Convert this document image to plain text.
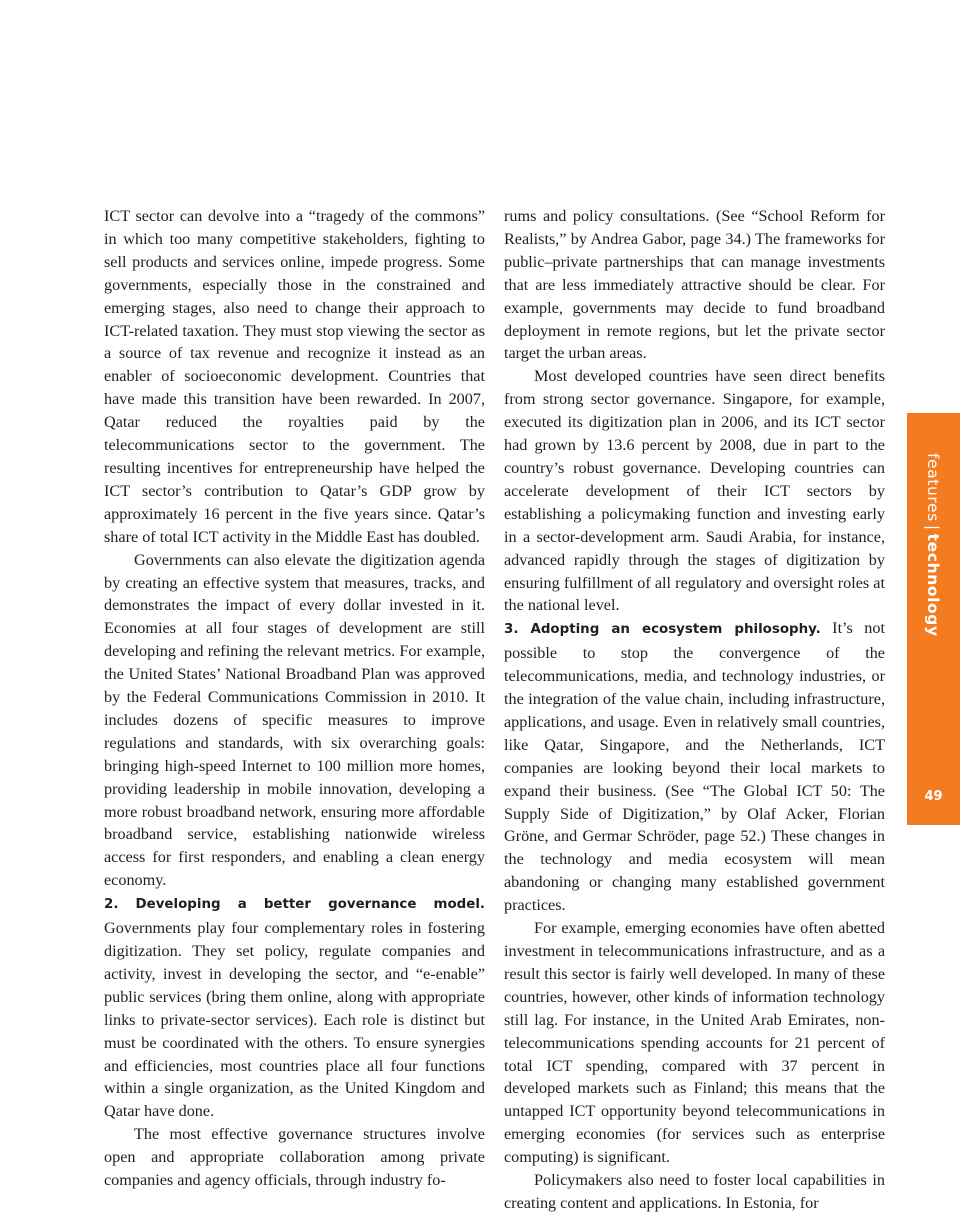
ICT sector can devolve into a “tragedy of the commons” in which too many competitive stakeholders, fighting to sell products and services online, impede progress. Some governments, especially those in the constrained and emerging stages, also need to change their approach to ICT-related taxation. They must stop viewing the sector as a source of tax revenue and recognize it instead as an enabler of socioeconomic development. Countries that have made this transition have been rewarded. In 2007, Qatar reduced the royalties paid by the telecommunications sector to the government. The resulting incentives for entrepreneurship have helped the ICT sector’s contribution to Qatar’s GDP grow by approximately 16 percent in the five years since. Qatar’s share of total ICT activity in the Middle East has doubled.

Governments can also elevate the digitization agenda by creating an effective system that measures, tracks, and demonstrates the impact of every dollar invested in it. Economies at all four stages of development are still developing and refining the relevant metrics. For example, the United States’ National Broadband Plan was approved by the Federal Communications Commission in 2010. It includes dozens of specific measures to improve regulations and standards, with six overarching goals: bringing high-speed Internet to 100 million more homes, providing leadership in mobile innovation, developing a more robust broadband network, ensuring more affordable broadband service, establishing nationwide wireless access for first responders, and enabling a clean energy economy.

2. Developing a better governance model. Governments play four complementary roles in fostering digitization. They set policy, regulate companies and activity, invest in developing the sector, and “e-enable” public services (bring them online, along with appropriate links to private-sector services). Each role is distinct but must be coordinated with the others. To ensure synergies and efficiencies, most countries place all four functions within a single organization, as the United Kingdom and Qatar have done.

The most effective governance structures involve open and appropriate collaboration among private companies and agency officials, through industry fo-

rums and policy consultations. (See “School Reform for Realists,” by Andrea Gabor, page 34.) The frameworks for public–private partnerships that can manage investments that are less immediately attractive should be clear. For example, governments may decide to fund broadband deployment in remote regions, but let the private sector target the urban areas.

Most developed countries have seen direct benefits from strong sector governance. Singapore, for example, executed its digitization plan in 2006, and its ICT sector had grown by 13.6 percent by 2008, due in part to the country’s robust governance. Developing countries can accelerate development of their ICT sectors by establishing a policymaking function and investing early in a sector-development arm. Saudi Arabia, for instance, advanced rapidly through the stages of digitization by ensuring fulfillment of all regulatory and oversight roles at the national level.

3. Adopting an ecosystem philosophy. It’s not possible to stop the convergence of the telecommunications, media, and technology industries, or the integration of the value chain, including infrastructure, applications, and usage. Even in relatively small countries, like Qatar, Singapore, and the Netherlands, ICT companies are looking beyond their local markets to expand their business. (See “The Global ICT 50: The Supply Side of Digitization,” by Olaf Acker, Florian Gröne, and Germar Schröder, page 52.) These changes in the technology and media ecosystem will mean abandoning or changing many established government practices.

For example, emerging economies have often abetted investment in telecommunications infrastructure, and as a result this sector is fairly well developed. In many of these countries, however, other kinds of information technology still lag. For instance, in the United Arab Emirates, non-telecommunications spending accounts for 21 percent of total ICT spending, compared with 37 percent in developed markets such as Finland; this means that the untapped ICT opportunity beyond telecommunications in emerging economies (for services such as enterprise computing) is significant.

Policymakers also need to foster local capabilities in creating content and applications. In Estonia, for

features|technology
49
